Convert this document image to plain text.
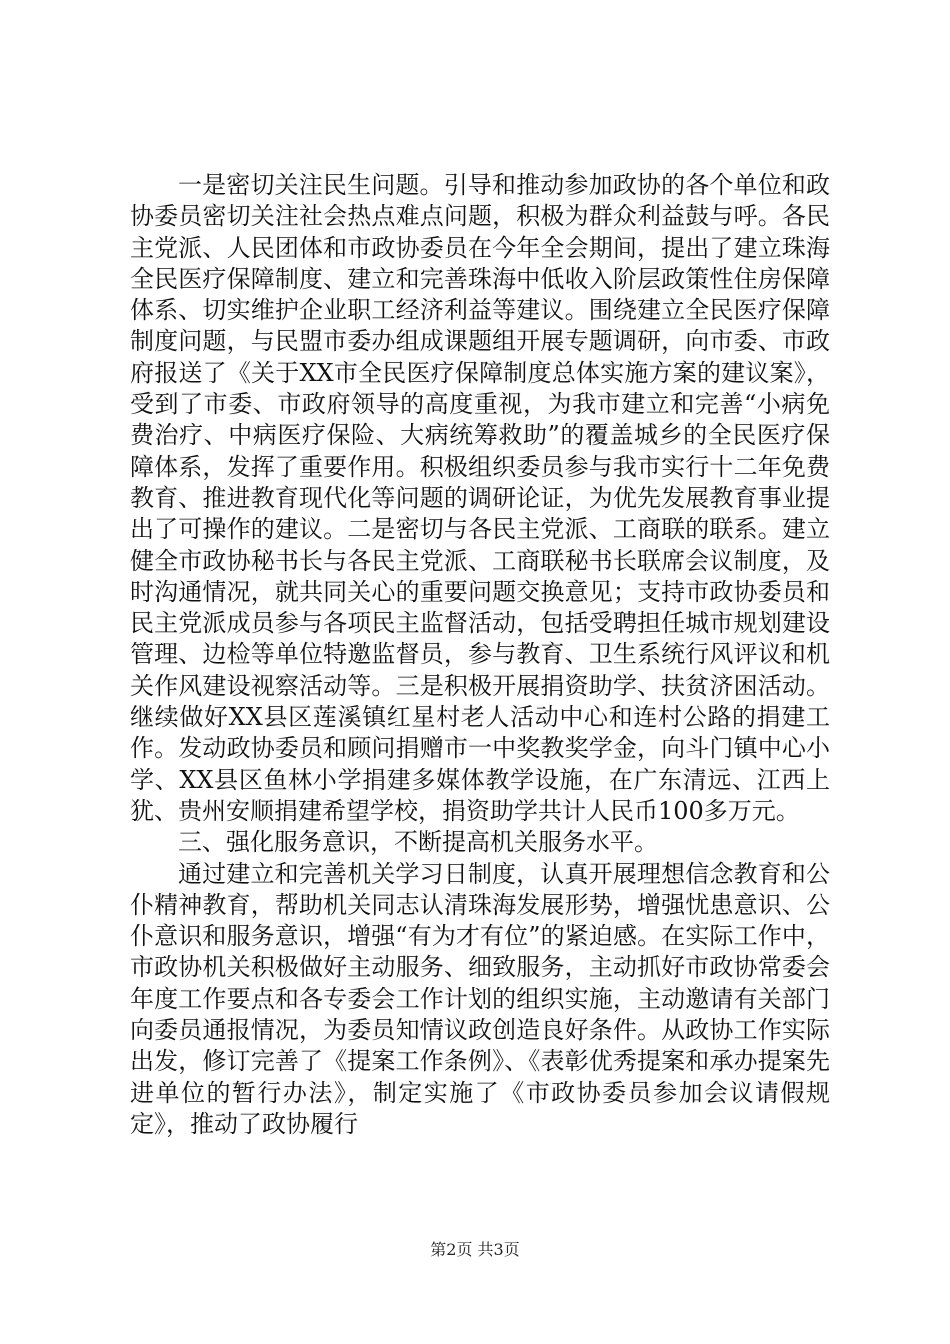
一是密切关注民生问题。引导和推动参加政协的各个单位和政协委员密切关注社会热点难点问题，积极为群众利益鼓与呼。各民主党派、人民团体和市政协委员在今年全会期间，提出了建立珠海全民医疗保障制度、建立和完善珠海中低收入阶层政策性住房保障体系、切实维护企业职工经济利益等建议。围绕建立全民医疗保障制度问题，与民盟市委办组成课题组开展专题调研，向市委、市政府报送了《关于XX市全民医疗保障制度总体实施方案的建议案》，受到了市委、市政府领导的高度重视，为我市建立和完善“小病免费治疗、中病医疗保险、大病统筹救助”的覆盖城乡的全民医疗保障体系，发挥了重要作用。积极组织委员参与我市实行十二年免费教育、推进教育现代化等问题的调研论证，为优先发展教育事业提出了可操作的建议。二是密切与各民主党派、工商联的联系。建立健全市政协秘书长与各民主党派、工商联秘书长联席会议制度，及时沟通情况，就共同关心的重要问题交换意见；支持市政协委员和民主党派成员参与各项民主监督活动，包括受聘担任城市规划建设管理、边检等单位特邀监督员，参与教育、卫生系统行风评议和机关作风建设视察活动等。三是积极开展捐资助学、扶贫济困活动。继续做好XX县区莲溪镇红星村老人活动中心和连村公路的捐建工作。发动政协委员和顾问捐赠市一中奖教奖学金，向斗门镇中心小学、XX县区鱼林小学捐建多媒体教学设施，在广东清远、江西上犹、贵州安顺捐建希望学校，捐资助学共计人民币100多万元。

三、强化服务意识，不断提高机关服务水平。

通过建立和完善机关学习日制度，认真开展理想信念教育和公仆精神教育，帮助机关同志认清珠海发展形势，增强忧患意识、公仆意识和服务意识，增强“有为才有位”的紧迫感。在实际工作中，市政协机关积极做好主动服务、细致服务，主动抓好市政协常委会年度工作要点和各专委会工作计划的组织实施，主动邀请有关部门向委员通报情况，为委员知情议政创造良好条件。从政协工作实际出发，修订完善了《提案工作条例》、《表彰优秀提案和承办提案先进单位的暂行办法》，制定实施了《市政协委员参加会议请假规定》，推动了政协履行

第2页 共3页
